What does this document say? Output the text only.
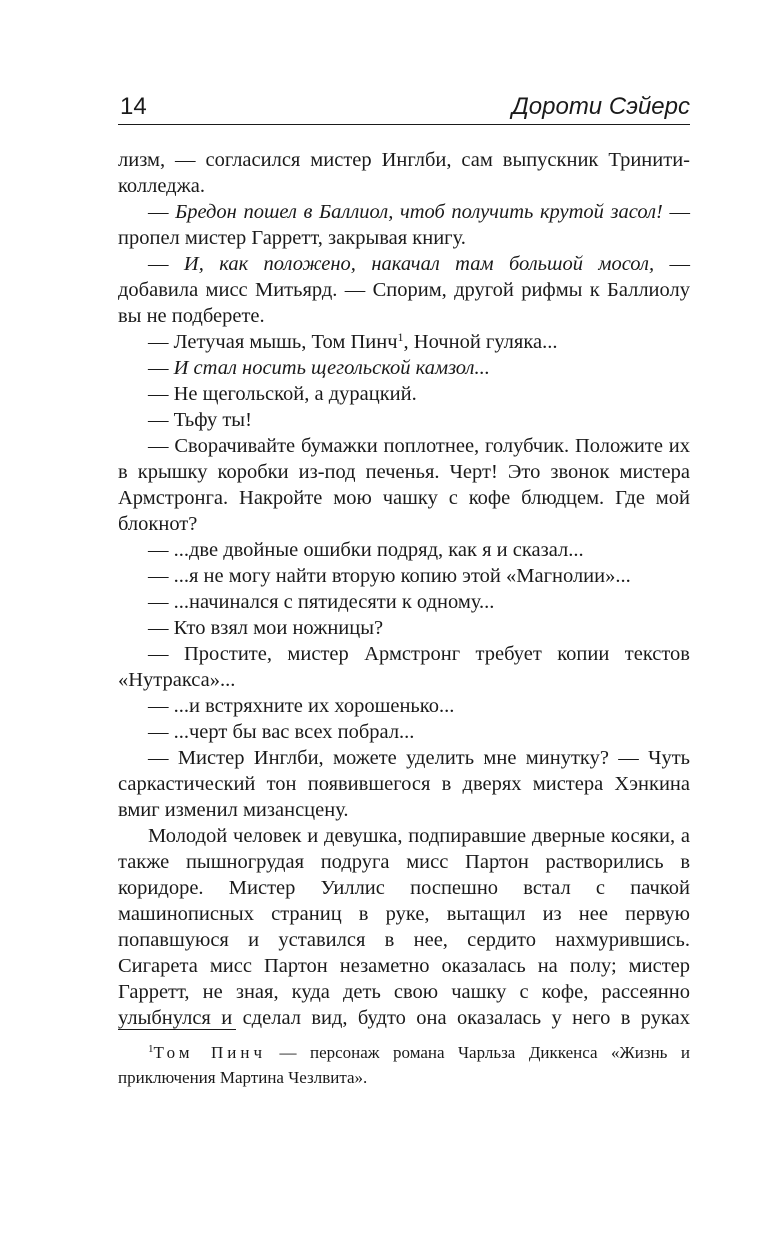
14	Дороти Сэйерс

лизм, — согласился мистер Инглби, сам выпускник Тринити-колледжа.

— Бредон пошел в Баллиол, чтоб получить крутой засол! — пропел мистер Гарретт, закрывая книгу.

— И, как положено, накачал там большой мосол, — добавила мисс Митьярд. — Спорим, другой рифмы к Баллиолу вы не подберете.

— Летучая мышь, Том Пинч$^1$, Ночной гуляка...

— И стал носить щегольской камзол...

— Не щегольской, а дурацкий.

— Тьфу ты!

— Сворачивайте бумажки поплотнее, голубчик. Положите их в крышку коробки из-под печенья. Черт! Это звонок мистера Армстронга. Накройте мою чашку с кофе блюдцем. Где мой блокнот?

— ...две двойные ошибки подряд, как я и сказал...

— ...я не могу найти вторую копию этой «Магнолии»...

— ...начинался с пятидесяти к одному...

— Кто взял мои ножницы?

— Простите, мистер Армстронг требует копии текстов «Нутракса»...

— ...и встряхните их хорошенько...

— ...черт бы вас всех побрал...

— Мистер Инглби, можете уделить мне минутку? — Чуть саркастический тон появившегося в дверях мистера Хэнкина вмиг изменил мизансцену.

Молодой человек и девушка, подпиравшие дверные косяки, а также пышногрудая подруга мисс Партон растворились в коридоре. Мистер Уиллис поспешно встал с пачкой машинописных страниц в руке, вытащил из нее первую попавшуюся и уставился в нее, сердито нахмурившись. Сигарета мисс Партон незаметно оказалась на полу; мистер Гарретт, не зная, куда деть свою чашку с кофе, рассеянно улыбнулся и сделал вид, будто она оказалась у него в руках

$^1$Том Пинч — персонаж романа Чарльза Диккенса «Жизнь и приключения Мартина Чезлвита».
